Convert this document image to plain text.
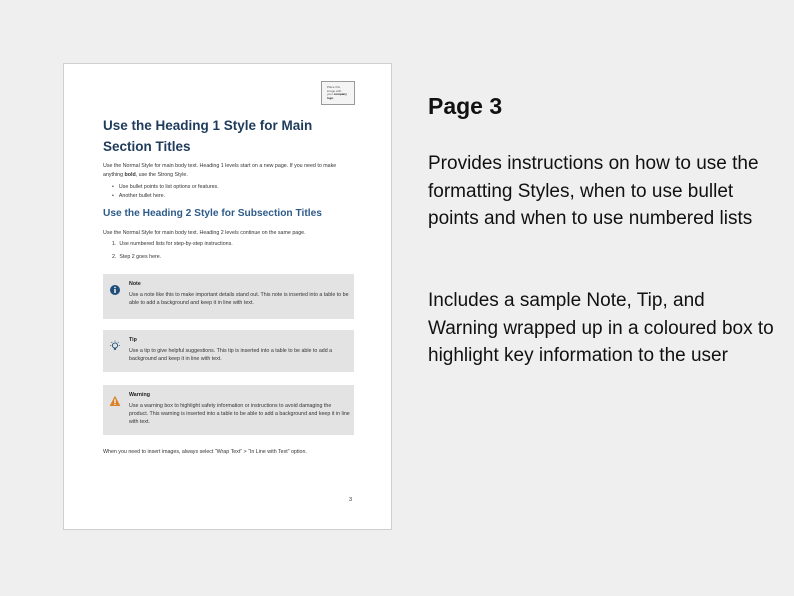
Place this
image with
your company
logo
Use the Heading 1 Style for Main Section Titles
Use the Normal Style for main body text. Heading 1 levels start on a new page. If you need to make anything bold, use the Strong Style.
• Use bullet points to list options or features.
• Another bullet here.
Use the Heading 2 Style for Subsection Titles
Use the Normal Style for main body text. Heading 2 levels continue on the same page.
1. Use numbered lists for step-by-step instructions.
2. Step 2 goes here.
Note
Use a note like this to make important details stand out. This note is inserted into a table to be able to add a background and keep it in line with text.
Tip
Use a tip to give helpful suggestions. This tip is inserted into a table to be able to add a background and keep it in line with text.
Warning
Use a warning box to highlight safety information or instructions to avoid damaging the product. This warning is inserted into a table to be able to add a background and keep it in line with text.
When you need to insert images, always select “Wrap Text” > “In Line with Text” option.
3
Page 3
Provides instructions on how to use the formatting Styles, when to use bullet points and when to use numbered lists
Includes a sample Note, Tip, and Warning wrapped up in a coloured box to highlight key information to the user
